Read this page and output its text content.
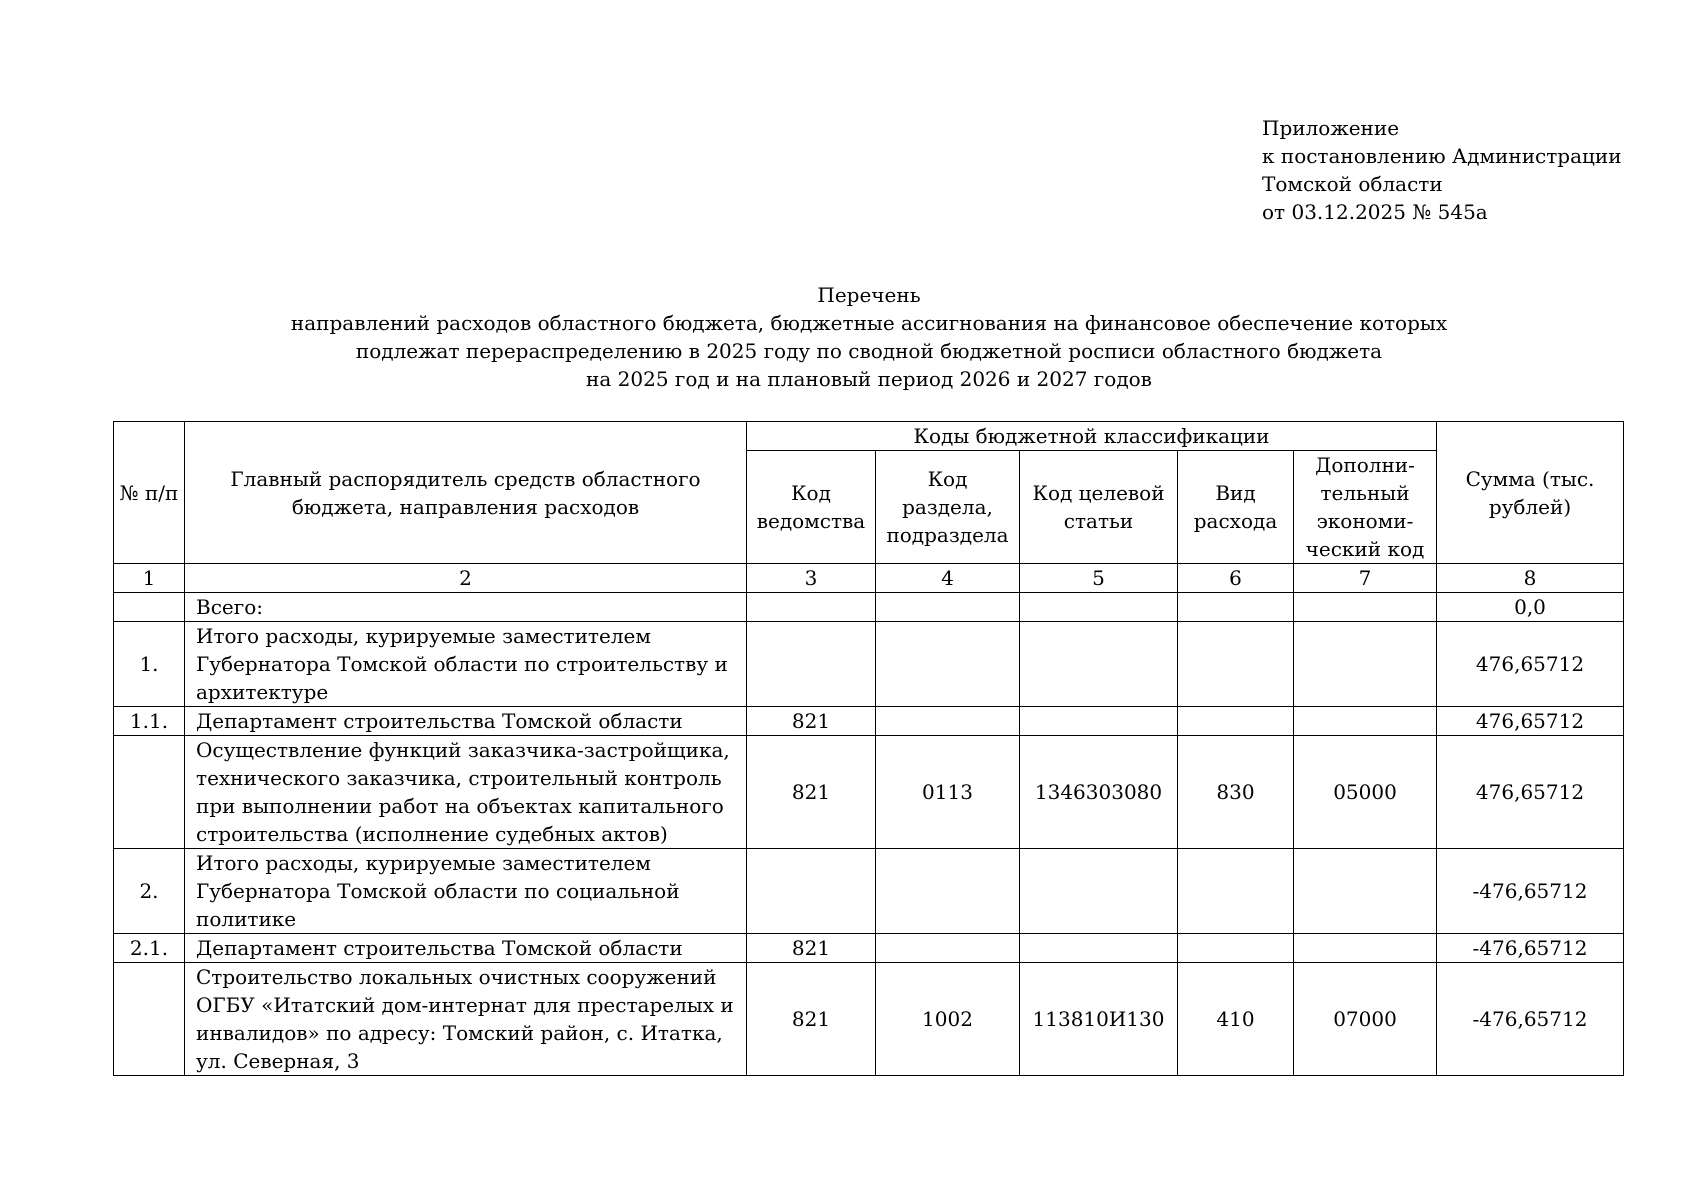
Приложение
к постановлению Администрации
Томской области
от 03.12.2025 № 545а
Перечень
направлений расходов областного бюджета, бюджетные ассигнования на финансовое обеспечение которых
подлежат перераспределению в 2025 году по сводной бюджетной росписи областного бюджета
на 2025 год и на плановый период 2026 и 2027 годов
№ п/п	Главный распорядитель средств областного бюджета, направления расходов	Коды бюджетной классификации					Сумма (тыс. рублей)
		Код ведомства	Код раздела, подраздела	Код целевой статьи	Вид расхода	Дополни-тельный экономи-ческий код	
1	2	3	4	5	6	7	8
	Всего:						0,0
1.	Итого расходы, курируемые заместителем Губернатора Томской области по строительству и архитектуре						476,65712
1.1.	Департамент строительства Томской области	821					476,65712
	Осуществление функций заказчика-застройщика, технического заказчика, строительный контроль при выполнении работ на объектах капитального строительства (исполнение судебных актов)	821	0113	1346303080	830	05000	476,65712
2.	Итого расходы, курируемые заместителем Губернатора Томской области по социальной политике						-476,65712
2.1.	Департамент строительства Томской области	821					-476,65712
	Строительство локальных очистных сооружений ОГБУ «Итатский дом-интернат для престарелых и инвалидов» по адресу: Томский район, с. Итатка, ул. Северная, 3	821	1002	113810И130	410	07000	-476,65712
